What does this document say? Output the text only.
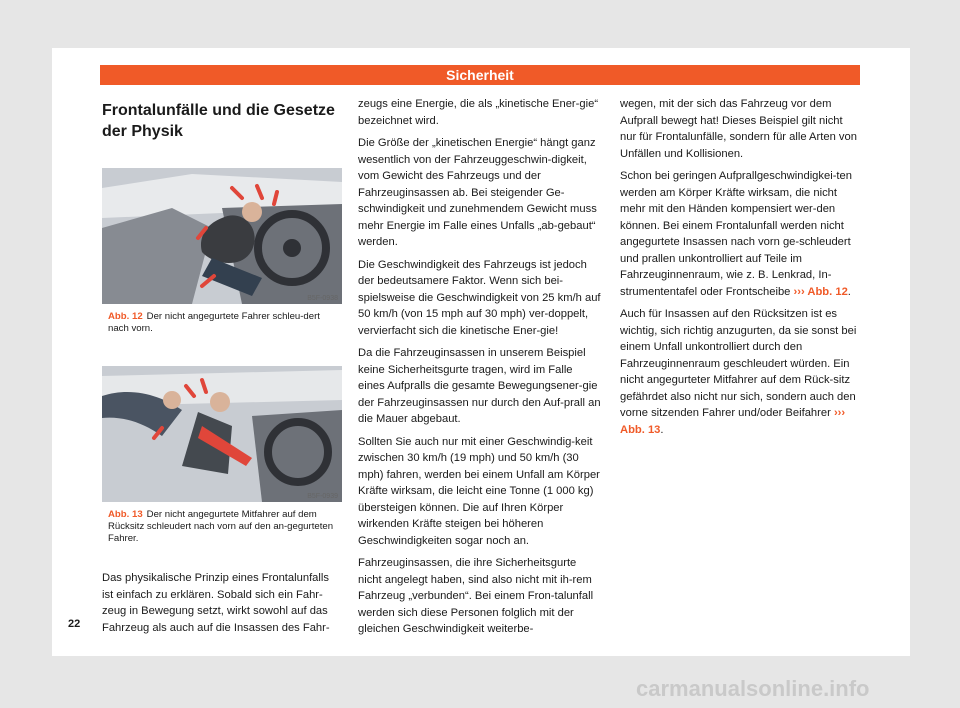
Sicherheit
Frontalunfälle und die Gesetze der Physik
B5F-0938
Abb. 12 Der nicht angegurtete Fahrer schleu-dert nach vorn.
B5F-0939
Abb. 13 Der nicht angegurtete Mitfahrer auf dem Rücksitz schleudert nach vorn auf den an-gegurteten Fahrer.

Das physikalische Prinzip eines Frontalunfalls ist einfach zu erklären. Sobald sich ein Fahr-zeug in Bewegung setzt, wirkt sowohl auf das Fahrzeug als auch auf die Insassen des Fahr-

zeugs eine Energie, die als „kinetische Ener-gie“ bezeichnet wird.

Die Größe der „kinetischen Energie“ hängt ganz wesentlich von der Fahrzeuggeschwin-digkeit, vom Gewicht des Fahrzeugs und der Fahrzeuginsassen ab. Bei steigender Ge-schwindigkeit und zunehmendem Gewicht muss mehr Energie im Falle eines Unfalls „ab-gebaut“ werden.

Die Geschwindigkeit des Fahrzeugs ist jedoch der bedeutsamere Faktor. Wenn sich bei-spielsweise die Geschwindigkeit von 25 km/h auf 50 km/h (von 15 mph auf 30 mph) ver-doppelt, vervierfacht sich die kinetische Ener-gie!

Da die Fahrzeuginsassen in unserem Beispiel keine Sicherheitsgurte tragen, wird im Falle eines Aufpralls die gesamte Bewegungsener-gie der Fahrzeuginsassen nur durch den Auf-prall an die Mauer abgebaut.

Sollten Sie auch nur mit einer Geschwindig-keit zwischen 30 km/h (19 mph) und 50 km/h (30 mph) fahren, werden bei einem Unfall am Körper Kräfte wirksam, die leicht eine Tonne (1 000 kg) übersteigen können. Die auf Ihren Körper wirkenden Kräfte steigen bei höheren Geschwindigkeiten sogar noch an.

Fahrzeuginsassen, die ihre Sicherheitsgurte nicht angelegt haben, sind also nicht mit ih-rem Fahrzeug „verbunden“. Bei einem Fron-talunfall werden sich diese Personen folglich mit der gleichen Geschwindigkeit weiterbe-

wegen, mit der sich das Fahrzeug vor dem Aufprall bewegt hat! Dieses Beispiel gilt nicht nur für Frontalunfälle, sondern für alle Arten von Unfällen und Kollisionen.

Schon bei geringen Aufprallgeschwindigkei-ten werden am Körper Kräfte wirksam, die nicht mehr mit den Händen kompensiert wer-den können. Bei einem Frontalunfall werden nicht angegurtete Insassen nach vorn ge-schleudert und prallen unkontrolliert auf Teile im Fahrzeuginnenraum, wie z. B. Lenkrad, In-strumententafel oder Frontscheibe ››› Abb. 12.

Auch für Insassen auf den Rücksitzen ist es wichtig, sich richtig anzugurten, da sie sonst bei einem Unfall unkontrolliert durch den Fahrzeuginnenraum geschleudert würden. Ein nicht angegurteter Mitfahrer auf dem Rück-sitz gefährdet also nicht nur sich, sondern auch den vorne sitzenden Fahrer und/oder Beifahrer ››› Abb. 13.

22
carmanualsonline.info
